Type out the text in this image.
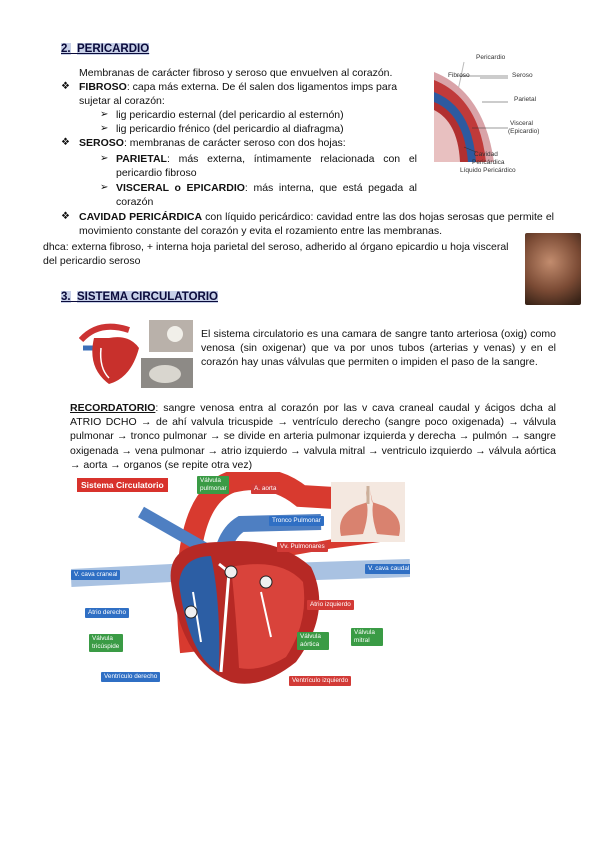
2. PERICARDIO
Membranas de carácter fibroso y seroso que envuelven al corazón.
❖ FIBROSO: capa más externa. De él salen dos ligamentos imps para sujetar al corazón:
➢ lig pericardio esternal (del pericardio al esternón)
➢ lig pericardio frénico (del pericardio al diafragma)
❖ SEROSO: membranas de carácter seroso con dos hojas:
➢ PARIETAL: más externa, íntimamente relacionada con el pericardio fibroso
➢ VISCERAL o EPICARDIO: más interna, que está pegada al corazón
❖ CAVIDAD PERICÁRDICA con líquido pericárdico: cavidad entre las dos hojas serosas que permite el movimiento constante del corazón y evita el rozamiento entre las membranas.
dhca: externa fibroso, + interna hoja parietal del seroso, adherido al órgano epicardio u hoja visceral del pericardio seroso
Pericardio
Fibroso	Seroso
Parietal
Visceral
(Epicardio)
Cavidad
Pericárdica
Líquido Pericárdico
3. SISTEMA CIRCULATORIO
El sistema circulatorio es una camara de sangre tanto arteriosa (oxig) como venosa (sin oxigenar) que va por unos tubos (arterias y venas) y en el corazón hay unas válvulas que permiten o impiden el paso de la sangre.
RECORDATORIO: sangre venosa entra al corazón por las v cava craneal caudal y ácigos dcha al ATRIO DCHO → de ahí valvula tricuspide → ventrículo derecho (sangre poco oxigenada) → válvula pulmonar → tronco pulmonar → se divide en arteria pulmonar izquierda y derecha → pulmón → sangre oxigenada → vena pulmonar → atrio izquierdo → valvula mitral → ventriculo izquierdo → válvula aórtica → aorta → organos (se repite otra vez)
Sistema Circulatorio	Válvula pulmonar	A. aorta
Tronco Pulmonar
Vv. Pulmonares
V. cava craneal
V. cava caudal
Atrio derecho
Atrio izquierdo
Válvula tricúspide
Válvula aórtica
Válvula mitral
Ventrículo derecho
Ventrículo izquierdo
